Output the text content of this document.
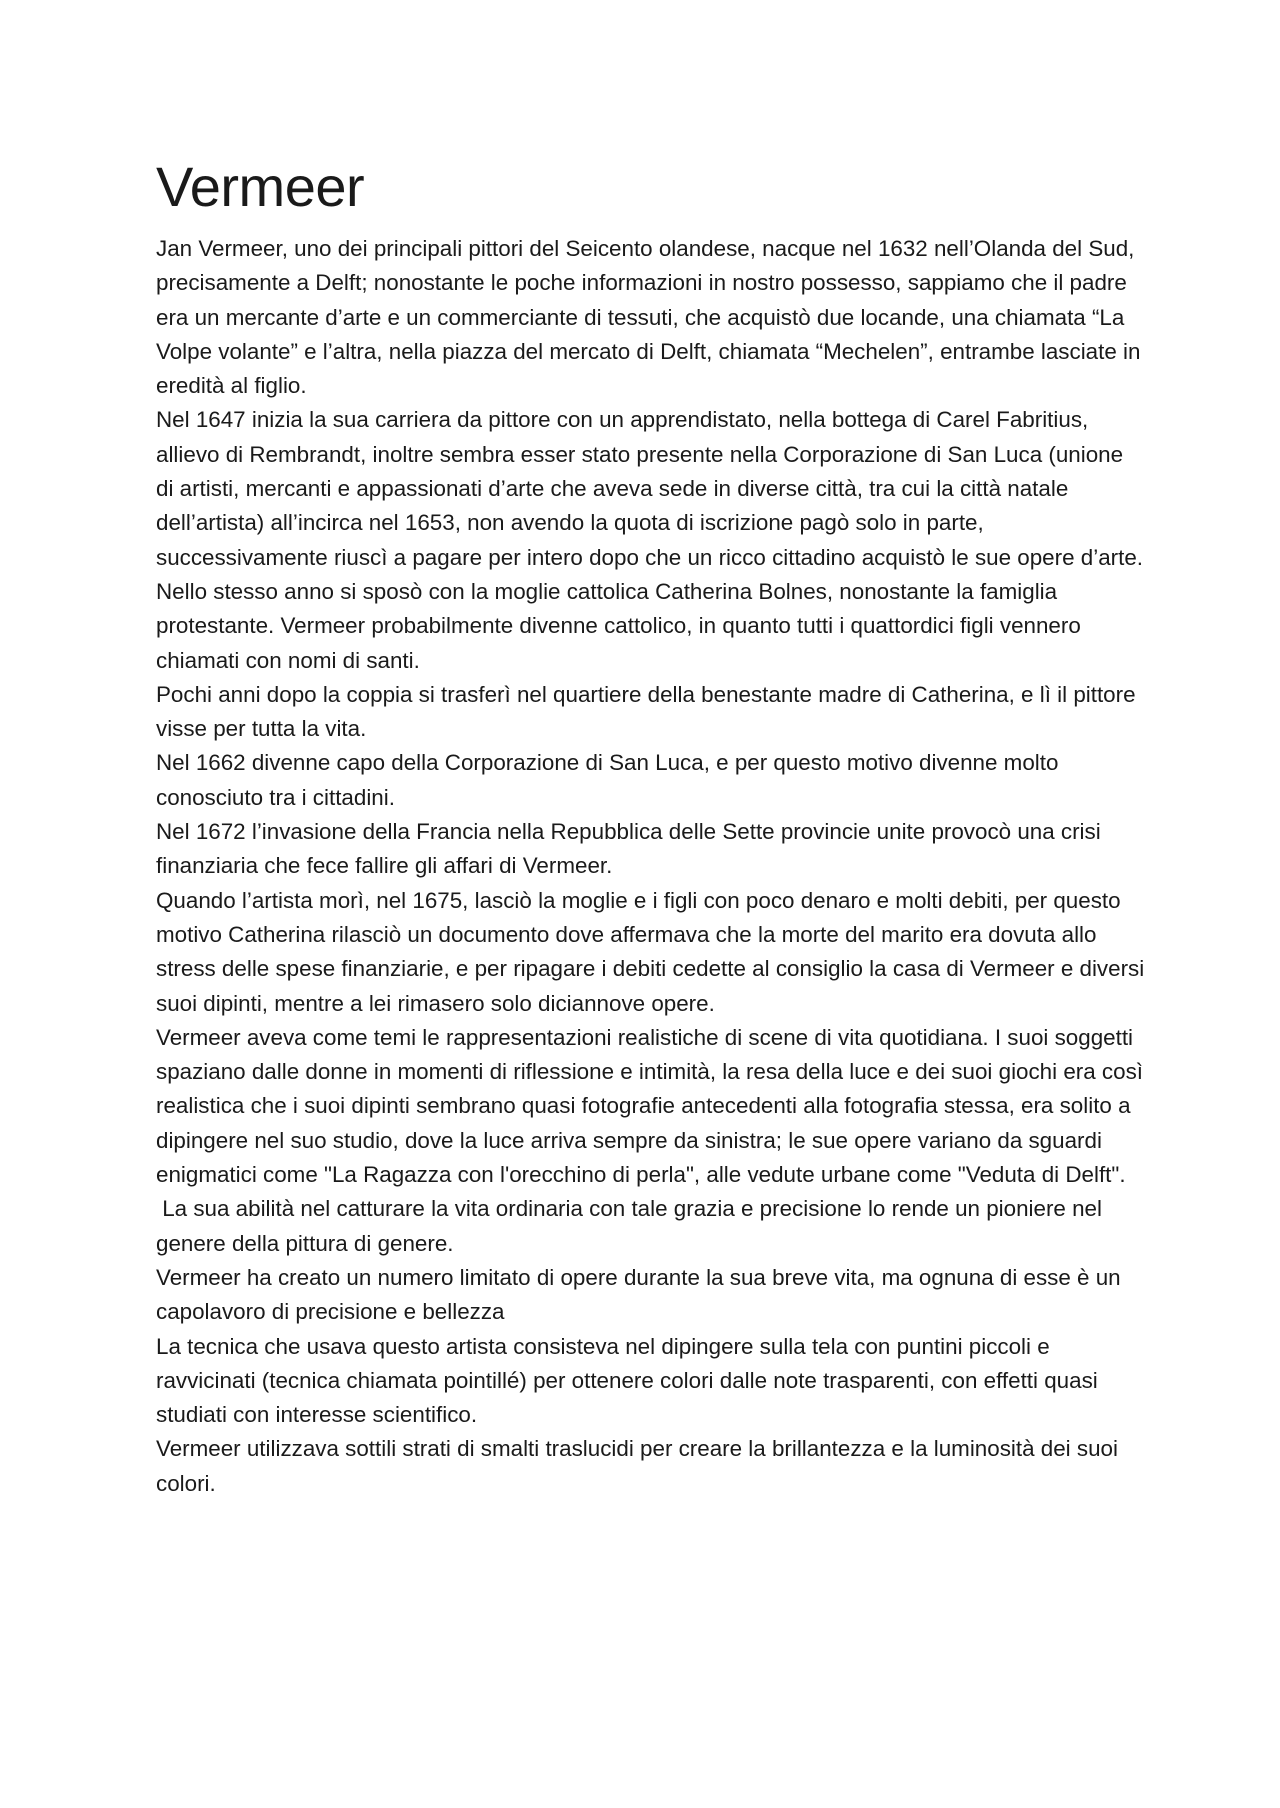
Vermeer

Jan Vermeer, uno dei principali pittori del Seicento olandese, nacque nel 1632 nell’Olanda del Sud, precisamente a Delft; nonostante le poche informazioni in nostro possesso, sappiamo che il padre era un mercante d’arte e un commerciante di tessuti, che acquistò due locande, una chiamata “La Volpe volante” e l’altra, nella piazza del mercato di Delft, chiamata “Mechelen”, entrambe lasciate in eredità al figlio.

Nel 1647 inizia la sua carriera da pittore con un apprendistato, nella bottega di Carel Fabritius, allievo di Rembrandt, inoltre sembra esser stato presente nella Corporazione di San Luca (unione di artisti, mercanti e appassionati d’arte che aveva sede in diverse città, tra cui la città natale dell’artista) all’incirca nel 1653, non avendo la quota di iscrizione pagò solo in parte, successivamente riuscì a pagare per intero dopo che un ricco cittadino acquistò le sue opere d’arte.

Nello stesso anno si sposò con la moglie cattolica Catherina Bolnes, nonostante la famiglia protestante. Vermeer probabilmente divenne cattolico, in quanto tutti i quattordici figli vennero chiamati con nomi di santi.

Pochi anni dopo la coppia si trasferì nel quartiere della benestante madre di Catherina, e lì il pittore visse per tutta la vita.

Nel 1662 divenne capo della Corporazione di San Luca, e per questo motivo divenne molto conosciuto tra i cittadini.

Nel 1672 l’invasione della Francia nella Repubblica delle Sette provincie unite provocò una crisi finanziaria che fece fallire gli affari di Vermeer.

Quando l’artista morì, nel 1675, lasciò la moglie e i figli con poco denaro e molti debiti, per questo motivo Catherina rilasciò un documento dove affermava che la morte del marito era dovuta allo stress delle spese finanziarie, e per ripagare i debiti cedette al consiglio la casa di Vermeer e diversi suoi dipinti, mentre a lei rimasero solo diciannove opere.

Vermeer aveva come temi le rappresentazioni realistiche di scene di vita quotidiana. I suoi soggetti spaziano dalle donne in momenti di riflessione e intimità, la resa della luce e dei suoi giochi era così realistica che i suoi dipinti sembrano quasi fotografie antecedenti alla fotografia stessa, era solito a dipingere nel suo studio, dove la luce arriva sempre da sinistra; le sue opere variano da sguardi enigmatici come "La Ragazza con l'orecchino di perla", alle vedute urbane come "Veduta di Delft".

La sua abilità nel catturare la vita ordinaria con tale grazia e precisione lo rende un pioniere nel genere della pittura di genere.

Vermeer ha creato un numero limitato di opere durante la sua breve vita, ma ognuna di esse è un capolavoro di precisione e bellezza

La tecnica che usava questo artista consisteva nel dipingere sulla tela con puntini piccoli e ravvicinati (tecnica chiamata pointillé) per ottenere colori dalle note trasparenti, con effetti quasi studiati con interesse scientifico.

Vermeer utilizzava sottili strati di smalti traslucidi per creare la brillantezza e la luminosità dei suoi colori.
